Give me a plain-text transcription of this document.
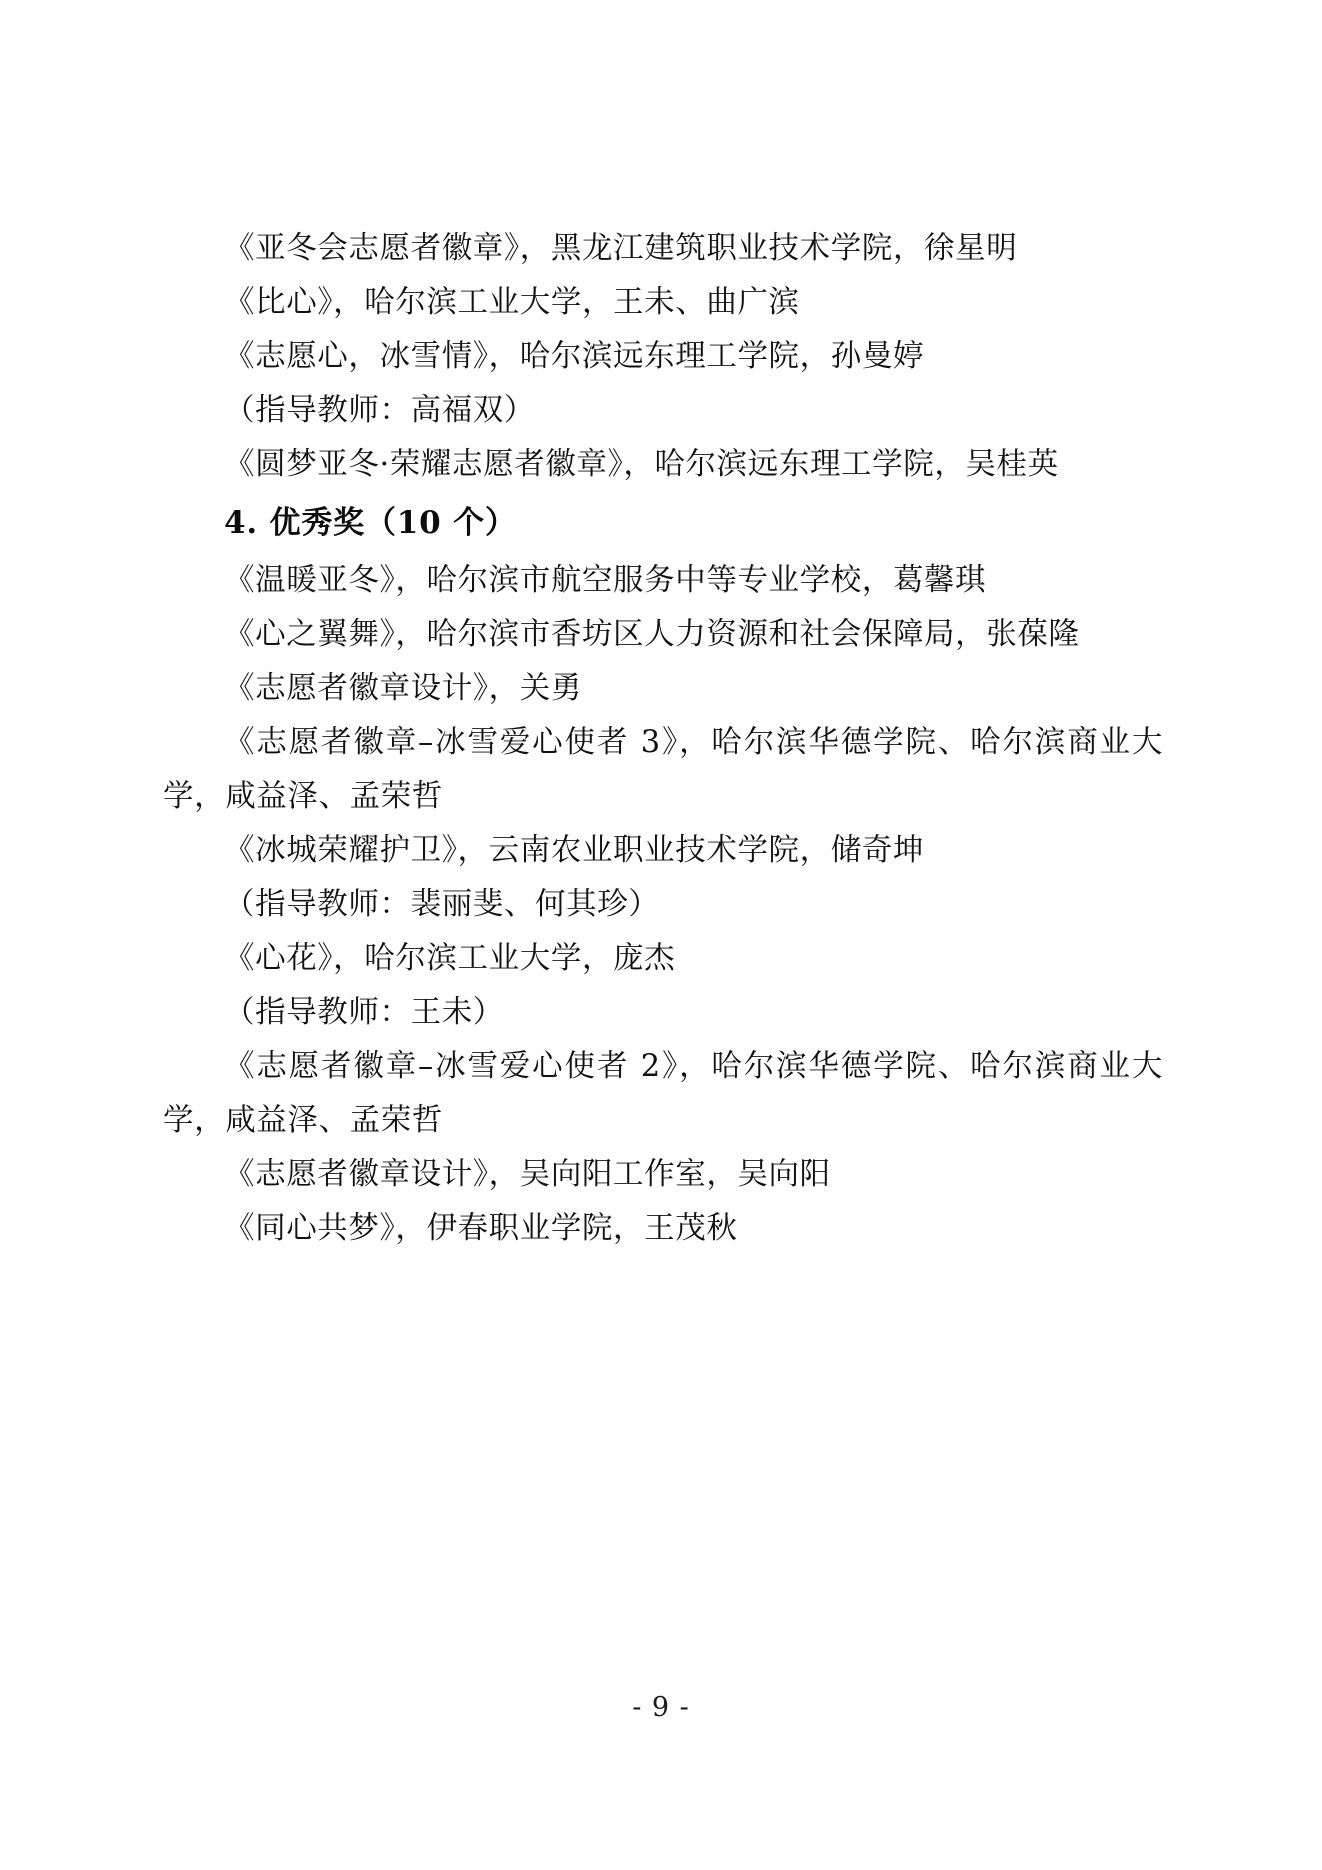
《亚冬会志愿者徽章》，黑龙江建筑职业技术学院，徐星明

《比心》，哈尔滨工业大学，王未、曲广滨

《志愿心，冰雪情》，哈尔滨远东理工学院，孙曼婷

（指导教师：高福双）

《圆梦亚冬·荣耀志愿者徽章》，哈尔滨远东理工学院，吴桂英

4. 优秀奖（10 个）

《温暖亚冬》，哈尔滨市航空服务中等专业学校，葛馨琪

《心之翼舞》，哈尔滨市香坊区人力资源和社会保障局，张葆隆

《志愿者徽章设计》，关勇

《志愿者徽章–冰雪爱心使者 3》，哈尔滨华德学院、哈尔滨商业大学，咸益泽、孟荣哲

《冰城荣耀护卫》，云南农业职业技术学院，储奇坤

（指导教师：裴丽斐、何其珍）

《心花》，哈尔滨工业大学，庞杰

（指导教师：王未）

《志愿者徽章–冰雪爱心使者 2》，哈尔滨华德学院、哈尔滨商业大学，咸益泽、孟荣哲

《志愿者徽章设计》，吴向阳工作室，吴向阳

《同心共梦》，伊春职业学院，王茂秋

- 9 -
